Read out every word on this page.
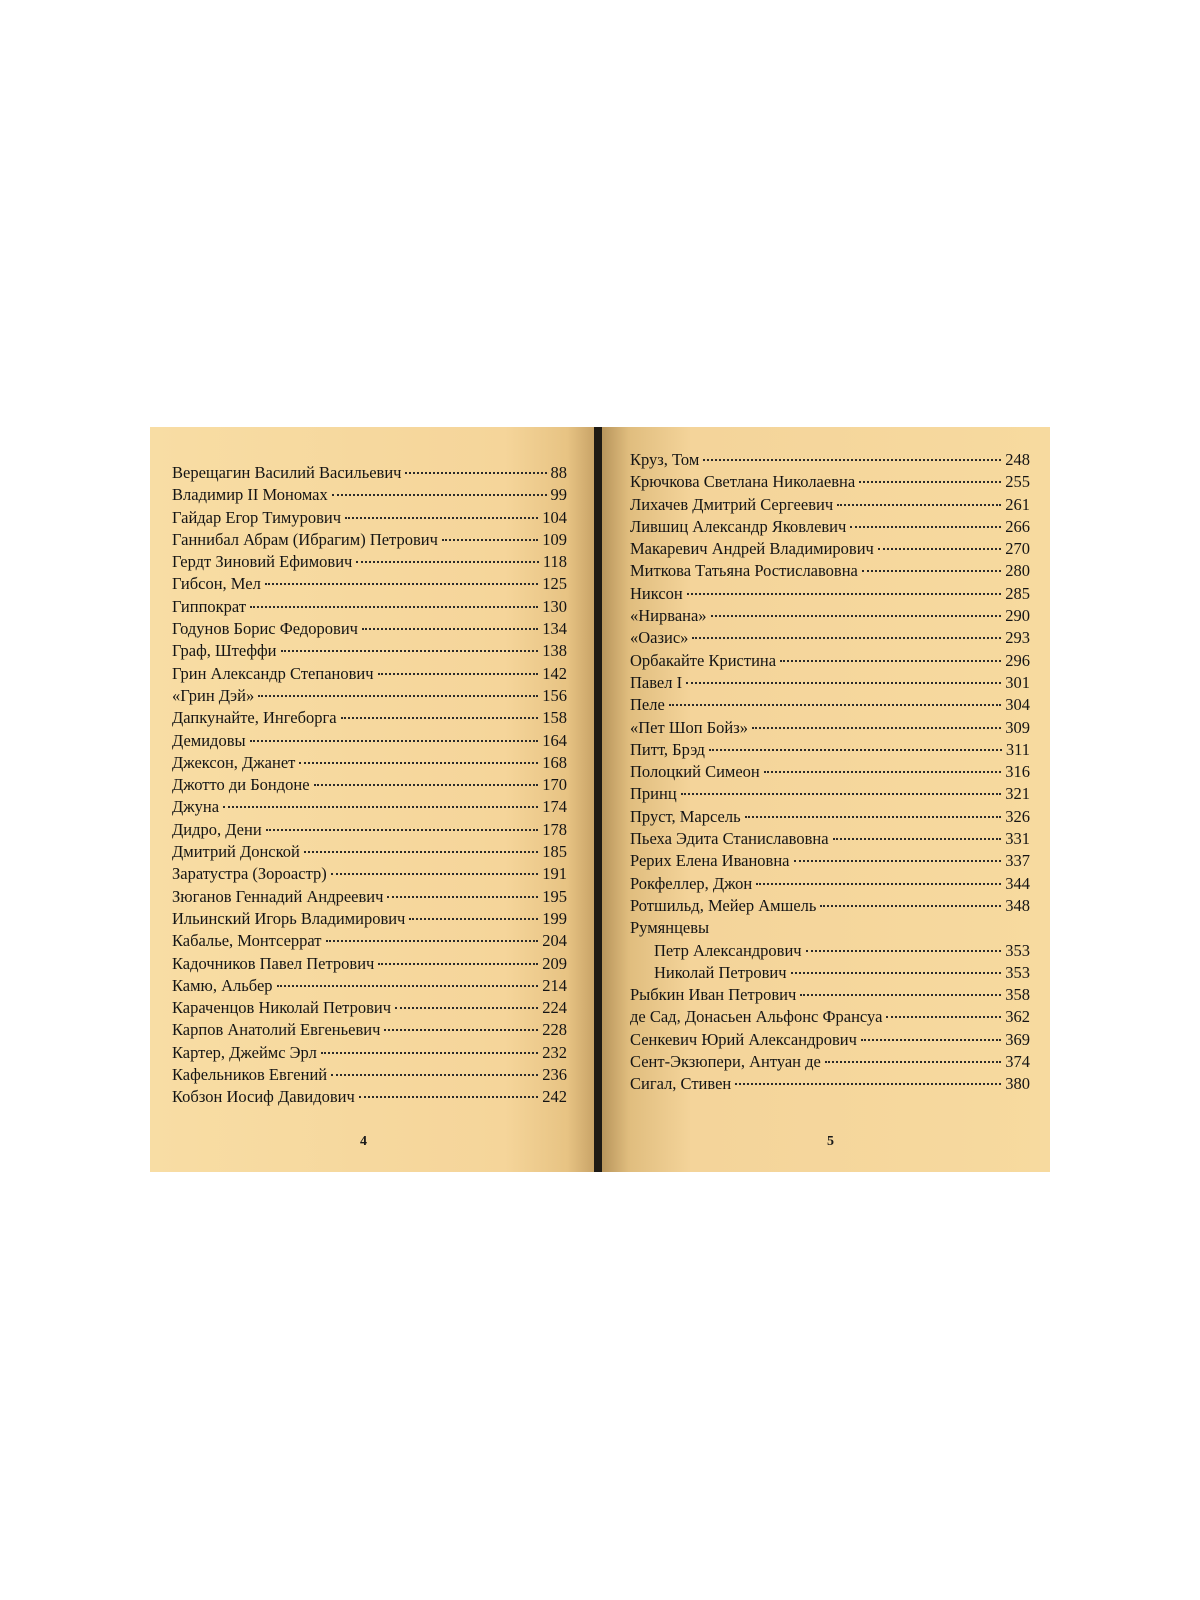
Верещагин Василий Васильевич	88
Владимир II Мономах	99
Гайдар Егор Тимурович	104
Ганнибал Абрам (Ибрагим) Петрович	109
Гердт Зиновий Ефимович	118
Гибсон, Мел	125
Гиппократ	130
Годунов Борис Федорович	134
Граф, Штеффи	138
Грин Александр Степанович	142
«Грин Дэй»	156
Дапкунайте, Ингеборга	158
Демидовы	164
Джексон, Джанет	168
Джотто ди Бондоне	170
Джуна	174
Дидро, Дени	178
Дмитрий Донской	185
Заратустра (Зороастр)	191
Зюганов Геннадий Андреевич	195
Ильинский Игорь Владимирович	199
Кабалье, Монтсеррат	204
Кадочников Павел Петрович	209
Камю, Альбер	214
Караченцов Николай Петрович	224
Карпов Анатолий Евгеньевич	228
Картер, Джеймс Эрл	232
Кафельников Евгений	236
Кобзон Иосиф Давидович	242
4
Круз, Том	248
Крючкова Светлана Николаевна	255
Лихачев Дмитрий Сергеевич	261
Лившиц Александр Яковлевич	266
Макаревич Андрей Владимирович	270
Миткова Татьяна Ростиславовна	280
Никсон	285
«Нирвана»	290
«Оазис»	293
Орбакайте Кристина	296
Павел I	301
Пеле	304
«Пет Шоп Бойз»	309
Питт, Брэд	311
Полоцкий Симеон	316
Принц	321
Пруст, Марсель	326
Пьеха Эдита Станиславовна	331
Рерих Елена Ивановна	337
Рокфеллер, Джон	344
Ротшильд, Мейер Амшель	348
Румянцевы
Петр Александрович	353
Николай Петрович	353
Рыбкин Иван Петрович	358
де Сад, Донасьен Альфонс Франсуа	362
Сенкевич Юрий Александрович	369
Сент-Экзюпери, Антуан де	374
Сигал, Стивен	380
5
